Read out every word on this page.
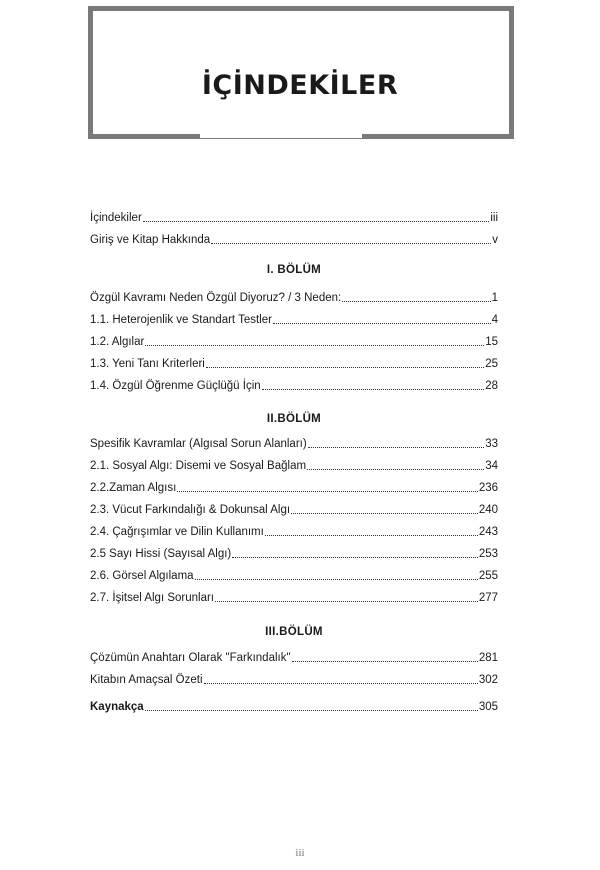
İÇİNDEKİLER
İçindekiler	iii
Giriş ve Kitap Hakkında	v
I. BÖLÜM
Özgül Kavramı Neden Özgül Diyoruz? / 3 Neden:	1
1.1. Heterojenlik ve Standart Testler	4
1.2. Algılar	15
1.3. Yeni Tanı Kriterleri	25
1.4. Özgül Öğrenme Güçlüğü İçin	28
II.BÖLÜM
Spesifik Kavramlar (Algısal Sorun Alanları)	33
2.1. Sosyal Algı: Disemi ve Sosyal Bağlam	34
2.2.Zaman Algısı	236
2.3. Vücut Farkındalığı & Dokunsal Algı	240
2.4. Çağrışımlar ve Dilin Kullanımı	243
2.5 Sayı Hissi (Sayısal Algı)	253
2.6. Görsel Algılama	255
2.7. İşitsel Algı Sorunları	277
III.BÖLÜM
Çözümün Anahtarı Olarak "Farkındalık"	281
Kitabın Amaçsal Özeti	302
Kaynakça	305
iii
